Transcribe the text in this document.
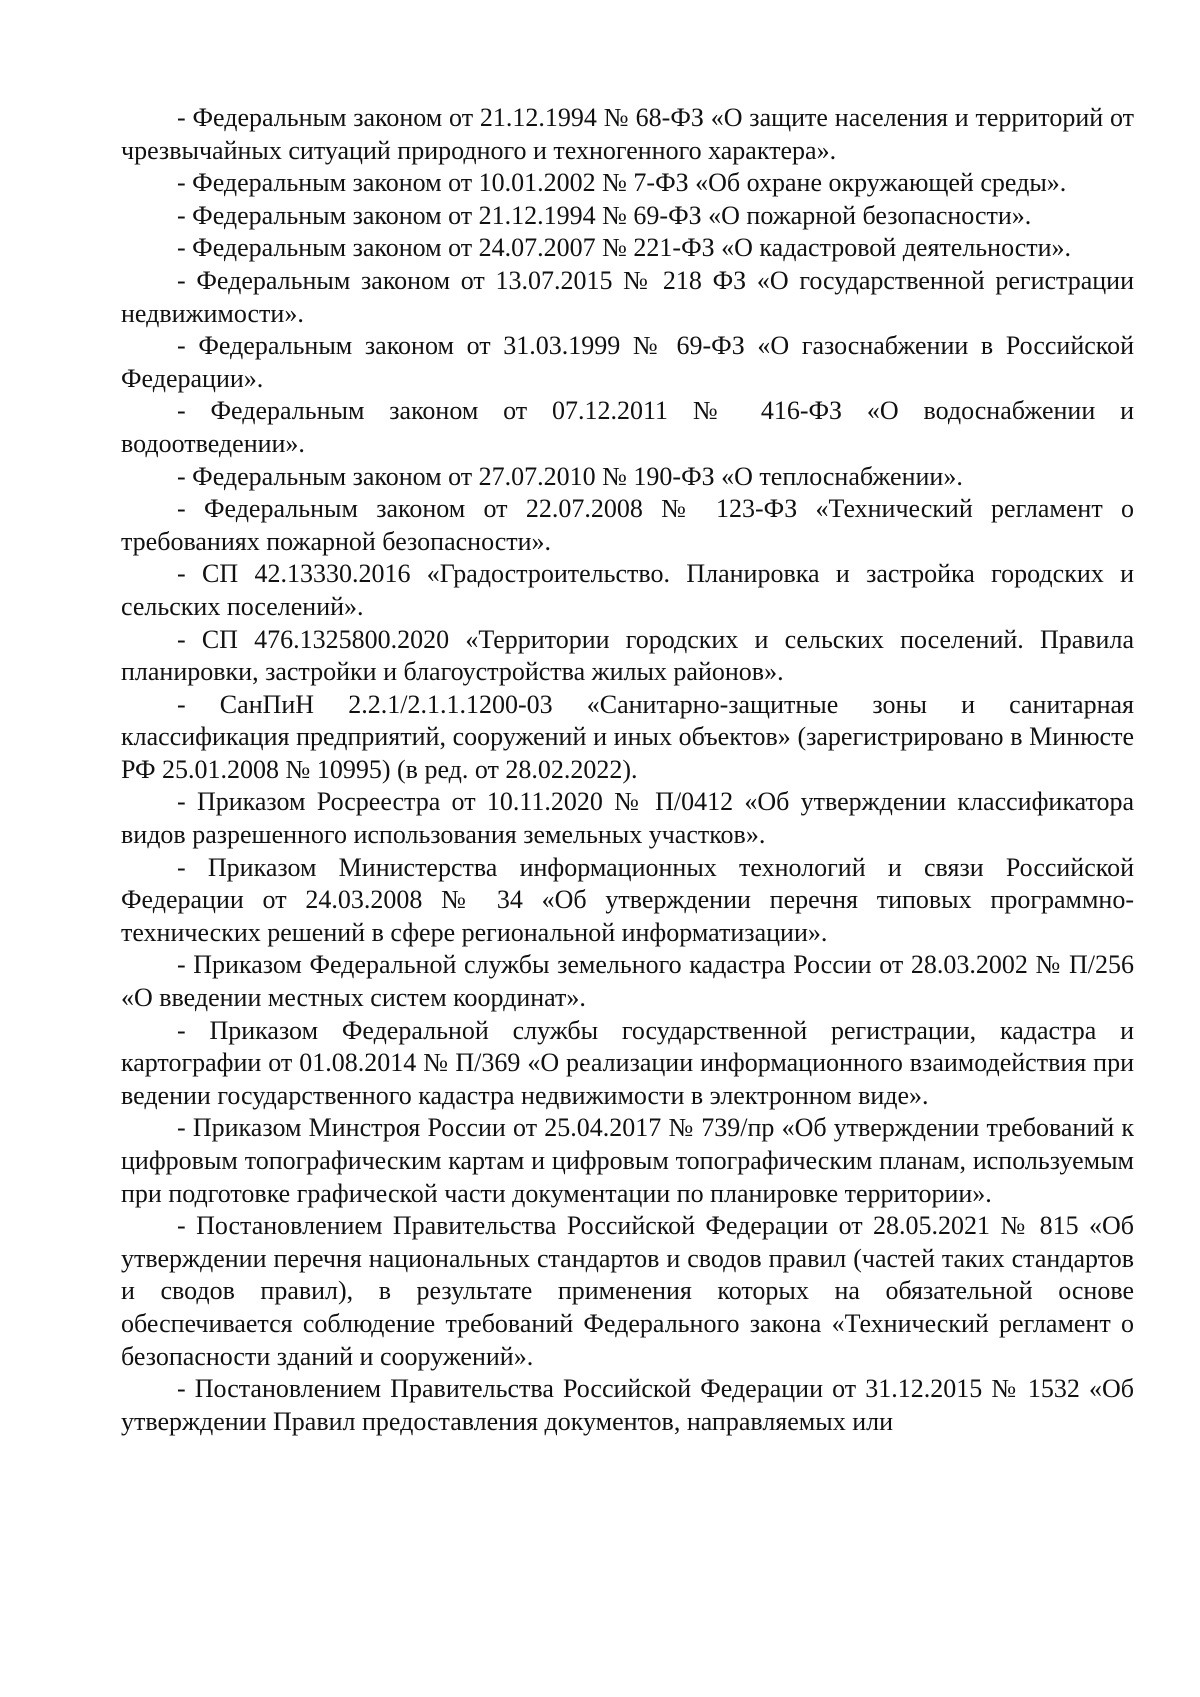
- Федеральным законом от 21.12.1994 № 68-ФЗ «О защите населения и территорий от чрезвычайных ситуаций природного и техногенного характера».

- Федеральным законом от 10.01.2002 № 7-ФЗ «Об охране окружающей среды».

- Федеральным законом от 21.12.1994 № 69-ФЗ «О пожарной безопасности».

- Федеральным законом от 24.07.2007 № 221-ФЗ «О кадастровой деятельности».

- Федеральным законом от 13.07.2015 № 218 ФЗ «О государственной регистрации недвижимости».

- Федеральным законом от 31.03.1999 № 69-ФЗ «О газоснабжении в Российской Федерации».

- Федеральным законом от 07.12.2011 № 416-ФЗ «О водоснабжении и водоотведении».

- Федеральным законом от 27.07.2010 № 190-ФЗ «О теплоснабжении».

- Федеральным законом от 22.07.2008 № 123-ФЗ «Технический регламент о требованиях пожарной безопасности».

- СП 42.13330.2016 «Градостроительство. Планировка и застройка городских и сельских поселений».

- СП 476.1325800.2020 «Территории городских и сельских поселений. Правила планировки, застройки и благоустройства жилых районов».

- СанПиН 2.2.1/2.1.1.1200-03 «Санитарно-защитные зоны и санитарная классификация предприятий, сооружений и иных объектов» (зарегистрировано в Минюсте РФ 25.01.2008 № 10995) (в ред. от 28.02.2022).

- Приказом Росреестра от 10.11.2020 № П/0412 «Об утверждении классификатора видов разрешенного использования земельных участков».

- Приказом Министерства информационных технологий и связи Российской Федерации от 24.03.2008 № 34 «Об утверждении перечня типовых программно-технических решений в сфере региональной информатизации».

- Приказом Федеральной службы земельного кадастра России от 28.03.2002 № П/256 «О введении местных систем координат».

- Приказом Федеральной службы государственной регистрации, кадастра и картографии от 01.08.2014 № П/369 «О реализации информационного взаимодействия при ведении государственного кадастра недвижимости в электронном виде».

- Приказом Минстроя России от 25.04.2017 № 739/пр «Об утверждении требований к цифровым топографическим картам и цифровым топографическим планам, используемым при подготовке графической части документации по планировке территории».

- Постановлением Правительства Российской Федерации от 28.05.2021 № 815 «Об утверждении перечня национальных стандартов и сводов правил (частей таких стандартов и сводов правил), в результате применения которых на обязательной основе обеспечивается соблюдение требований Федерального закона «Технический регламент о безопасности зданий и сооружений».

- Постановлением Правительства Российской Федерации от 31.12.2015 № 1532 «Об утверждении Правил предоставления документов, направляемых или
